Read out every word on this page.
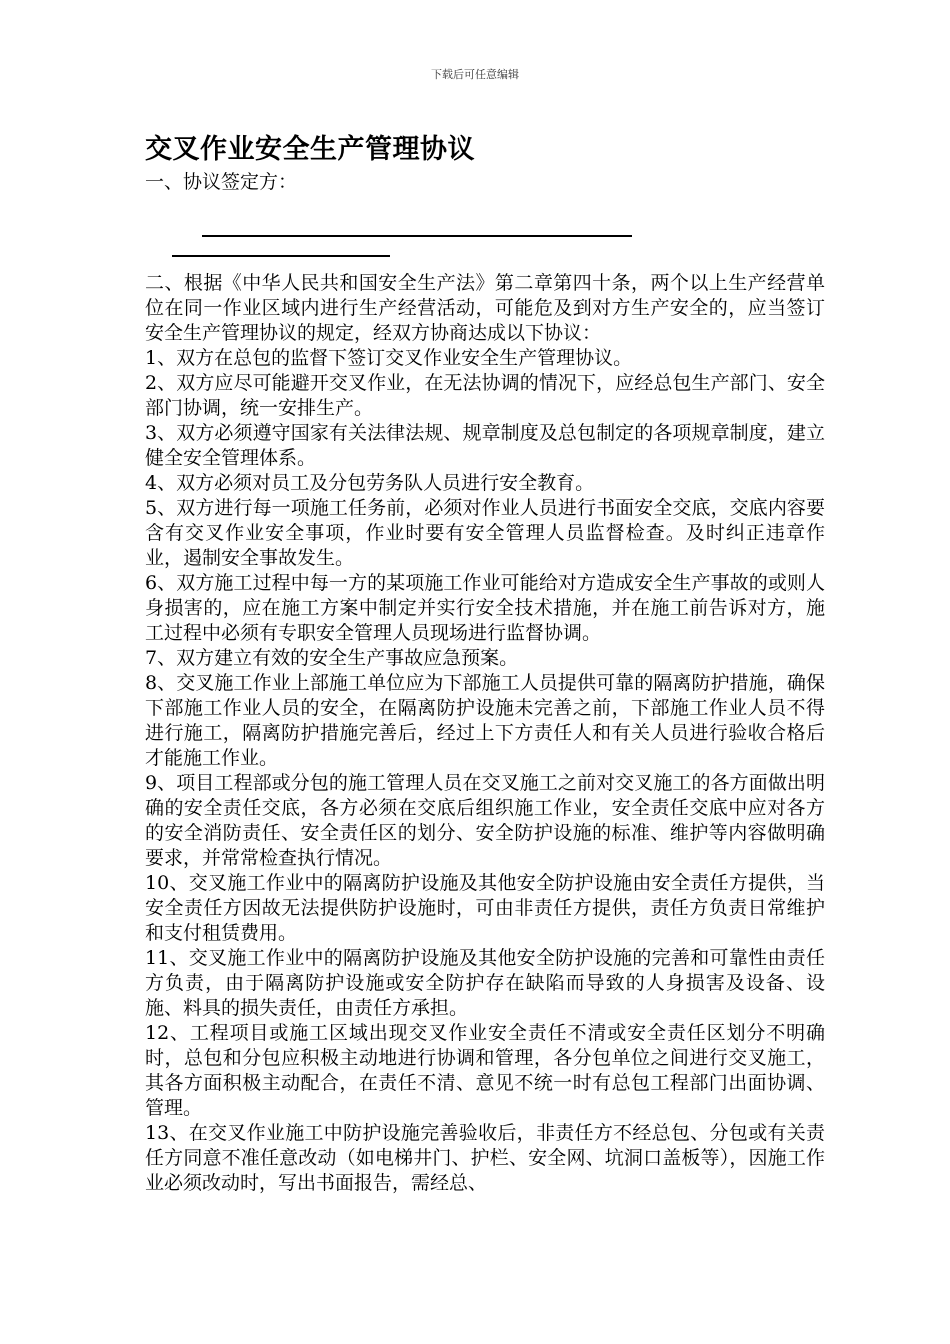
下载后可任意编辑
交叉作业安全生产管理协议

一、协议签定方：

二、根据《中华人民共和国安全生产法》第二章第四十条，两个以上生产经营单位在同一作业区域内进行生产经营活动，可能危及到对方生产安全的，应当签订安全生产管理协议的规定，经双方协商达成以下协议：

1、双方在总包的监督下签订交叉作业安全生产管理协议。

2、双方应尽可能避开交叉作业，在无法协调的情况下，应经总包生产部门、安全部门协调，统一安排生产。

3、双方必须遵守国家有关法律法规、规章制度及总包制定的各项规章制度，建立健全安全管理体系。

4、双方必须对员工及分包劳务队人员进行安全教育。

5、双方进行每一项施工任务前，必须对作业人员进行书面安全交底，交底内容要含有交叉作业安全事项，作业时要有安全管理人员监督检查。及时纠正违章作业，遏制安全事故发生。

6、双方施工过程中每一方的某项施工作业可能给对方造成安全生产事故的或则人身损害的，应在施工方案中制定并实行安全技术措施，并在施工前告诉对方，施工过程中必须有专职安全管理人员现场进行监督协调。

7、双方建立有效的安全生产事故应急预案。

8、交叉施工作业上部施工单位应为下部施工人员提供可靠的隔离防护措施，确保下部施工作业人员的安全，在隔离防护设施未完善之前，下部施工作业人员不得进行施工，隔离防护措施完善后，经过上下方责任人和有关人员进行验收合格后才能施工作业。

9、项目工程部或分包的施工管理人员在交叉施工之前对交叉施工的各方面做出明确的安全责任交底，各方必须在交底后组织施工作业，安全责任交底中应对各方的安全消防责任、安全责任区的划分、安全防护设施的标准、维护等内容做明确要求，并常常检查执行情况。

10、交叉施工作业中的隔离防护设施及其他安全防护设施由安全责任方提供，当安全责任方因故无法提供防护设施时，可由非责任方提供，责任方负责日常维护和支付租赁费用。

11、交叉施工作业中的隔离防护设施及其他安全防护设施的完善和可靠性由责任方负责，由于隔离防护设施或安全防护存在缺陷而导致的人身损害及设备、设施、料具的损失责任，由责任方承担。

12、工程项目或施工区域出现交叉作业安全责任不清或安全责任区划分不明确时，总包和分包应积极主动地进行协调和管理，各分包单位之间进行交叉施工，其各方面积极主动配合，在责任不清、意见不统一时有总包工程部门出面协调、管理。

13、在交叉作业施工中防护设施完善验收后，非责任方不经总包、分包或有关责任方同意不准任意改动（如电梯井门、护栏、安全网、坑洞口盖板等），因施工作业必须改动时，写出书面报告，需经总、
